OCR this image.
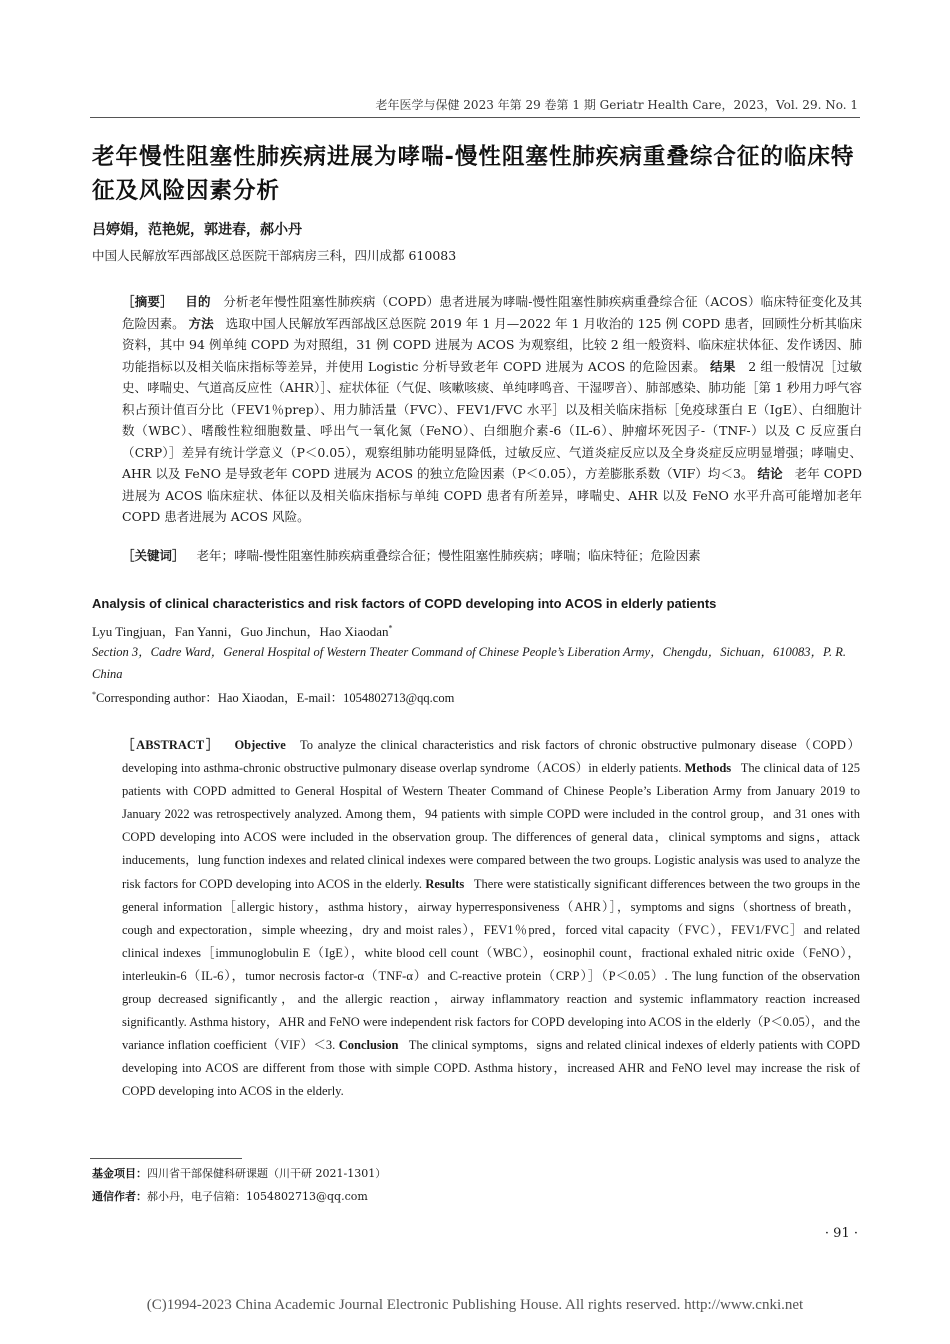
老年医学与保健 2023 年第 29 卷第 1 期 Geriatr Health Care，2023，Vol. 29. No. 1
老年慢性阻塞性肺疾病进展为哮喘-慢性阻塞性肺疾病重叠综合征的临床特征及风险因素分析
吕婷娟，范艳妮，郭进春，郝小丹
中国人民解放军西部战区总医院干部病房三科，四川成都 610083
［摘要］ 目的 分析老年慢性阻塞性肺疾病（COPD）患者进展为哮喘-慢性阻塞性肺疾病重叠综合征（ACOS）临床特征变化及其危险因素。 方法 选取中国人民解放军西部战区总医院 2019 年 1 月—2022 年 1 月收治的 125 例 COPD 患者，回顾性分析其临床资料，其中 94 例单纯 COPD 为对照组，31 例 COPD 进展为 ACOS 为观察组，比较 2 组一般资料、临床症状体征、发作诱因、肺功能指标以及相关临床指标等差异，并使用 Logistic 分析导致老年 COPD 进展为 ACOS 的危险因素。 结果 2 组一般情况［过敏史、哮喘史、气道高反应性（AHR）］、症状体征（气促、咳嗽咳痰、单纯哮鸣音、干湿啰音）、肺部感染、肺功能［第 1 秒用力呼气容积占预计值百分比（FEV1％prep）、用力肺活量（FVC）、FEV1/FVC 水平］以及相关临床指标［免疫球蛋白 E（IgE）、白细胞计数（WBC）、嗜酸性粒细胞数量、呼出气一氧化氮（FeNO）、白细胞介素-6（IL-6）、肿瘤坏死因子-（TNF-）以及 C 反应蛋白（CRP）］差异有统计学意义（P＜0.05），观察组肺功能明显降低，过敏反应、气道炎症反应以及全身炎症反应明显增强；哮喘史、AHR 以及 FeNO 是导致老年 COPD 进展为 ACOS 的独立危险因素（P＜0.05），方差膨胀系数（VIF）均＜3。 结论 老年 COPD 进展为 ACOS 临床症状、体征以及相关临床指标与单纯 COPD 患者有所差异，哮喘史、AHR 以及 FeNO 水平升高可能增加老年 COPD 患者进展为 ACOS 风险。
［关键词］ 老年；哮喘-慢性阻塞性肺疾病重叠综合征；慢性阻塞性肺疾病；哮喘；临床特征；危险因素
Analysis of clinical characteristics and risk factors of COPD developing into ACOS in elderly patients
Lyu Tingjuan，Fan Yanni，Guo Jinchun，Hao Xiaodan*
Section 3，Cadre Ward，General Hospital of Western Theater Command of Chinese People’s Liberation Army，Chengdu，Sichuan，610083，P. R. China
*Corresponding author：Hao Xiaodan，E-mail：1054802713@qq.com
［ABSTRACT］ Objective To analyze the clinical characteristics and risk factors of chronic obstructive pulmonary disease（COPD）developing into asthma-chronic obstructive pulmonary disease overlap syndrome（ACOS）in elderly patients. Methods The clinical data of 125 patients with COPD admitted to General Hospital of Western Theater Command of Chinese People’s Liberation Army from January 2019 to January 2022 was retrospectively analyzed. Among them，94 patients with simple COPD were included in the control group，and 31 ones with COPD developing into ACOS were included in the observation group. The differences of general data，clinical symptoms and signs，attack inducements，lung function indexes and related clinical indexes were compared between the two groups. Logistic analysis was used to analyze the risk factors for COPD developing into ACOS in the elderly. Results There were statistically significant differences between the two groups in the general information［allergic history，asthma history，airway hyperresponsiveness（AHR）］，symptoms and signs（shortness of breath，cough and expectoration，simple wheezing，dry and moist rales），FEV1％pred，forced vital capacity（FVC），FEV1/FVC］and related clinical indexes［immunoglobulin E（IgE），white blood cell count（WBC），eosinophil count，fractional exhaled nitric oxide（FeNO），interleukin-6（IL-6），tumor necrosis factor-α（TNF-α）and C-reactive protein（CRP）］（P＜0.05）. The lung function of the observation group decreased significantly，and the allergic reaction，airway inflammatory reaction and systemic inflammatory reaction increased significantly. Asthma history，AHR and FeNO were independent risk factors for COPD developing into ACOS in the elderly（P＜0.05），and the variance inflation coefficient（VIF）＜3. Conclusion The clinical symptoms，signs and related clinical indexes of elderly patients with COPD developing into ACOS are different from those with simple COPD. Asthma history，increased AHR and FeNO level may increase the risk of COPD developing into ACOS in the elderly.
基金项目：四川省干部保健科研课题（川干研 2021-1301）
通信作者：郝小丹，电子信箱：1054802713@qq.com
· 91 ·
(C)1994-2023 China Academic Journal Electronic Publishing House. All rights reserved. http://www.cnki.net
